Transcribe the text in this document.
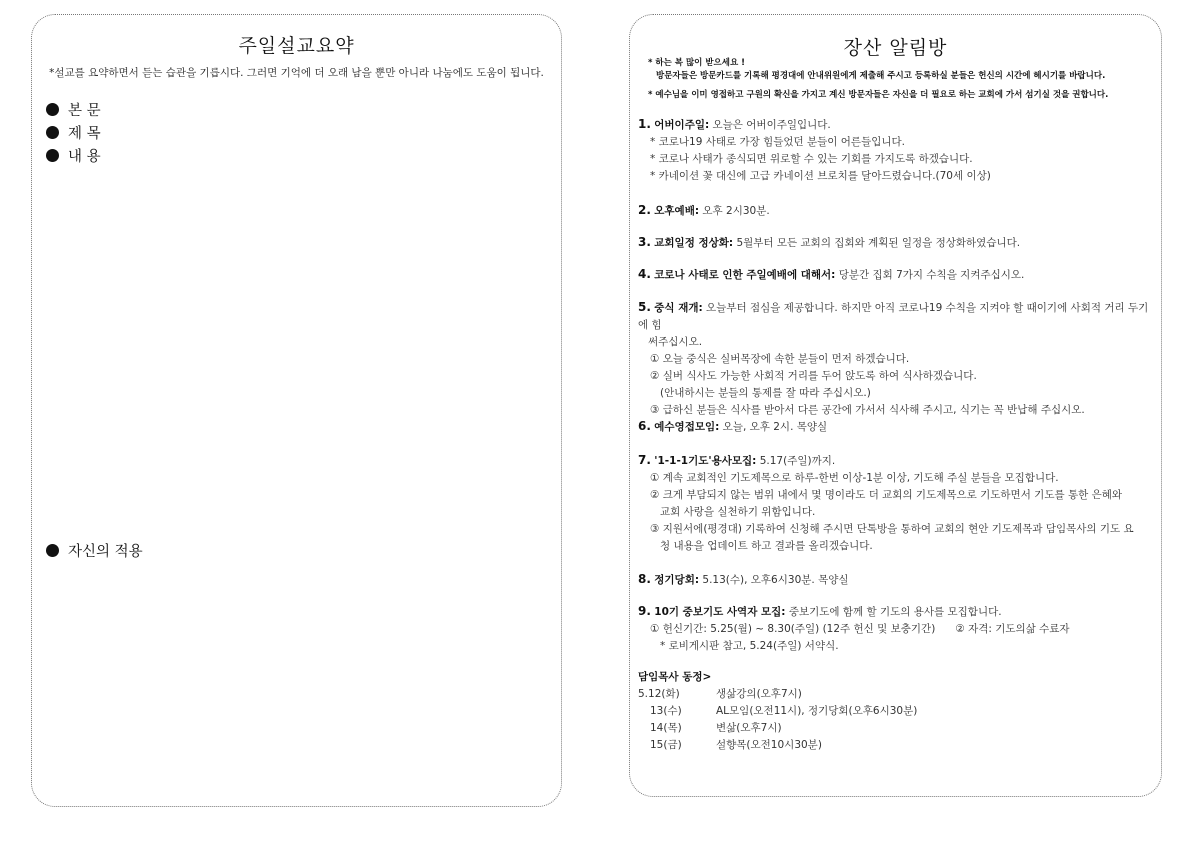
주일설교요약
*설교를 요약하면서 듣는 습관을 기릅시다. 그러면 기억에 더 오래 남을 뿐만 아니라 나눔에도 도움이 됩니다.
본 문
제 목
내 용
자신의 적용
장산 알림방
* 하는 복 많이 받으세요 !
방문자들은 방문카드를 기록해 평경대에 안내위원에게 제출해 주시고 등록하실 분들은 헌신의 시간에 헤시기를 바랍니다.
* 예수님을 이미 영접하고 구원의 확신을 가지고 계신 방문자들은 자신을 더 필요로 하는 교회에 가서 섬기실 것을 권합니다.
1. 어버이주일: 오늘은 어버이주일입니다.
* 코로나19 사태로 가장 힘들었던 분들이 어른들입니다.
* 코로나 사태가 종식되면 위로할 수 있는 기회를 가지도록 하겠습니다.
* 카네이션 꽃 대신에 고급 카네이션 브로치를 달아드렸습니다.(70세 이상)
2. 오후예배: 오후 2시30분.
3. 교회일정 정상화: 5월부터 모든 교회의 집회와 계획된 일정을 정상화하였습니다.
4. 코로나 사태로 인한 주일예배에 대해서: 당분간 집회 7가지 수칙을 지켜주십시오.
5. 중식 재개: 오늘부터 점심을 제공합니다. 하지만 아직 코로나19 수칙을 지켜야 할 때이기에 사회적 거리 두기에 힘
써주십시오.
① 오늘 중식은 실버목장에 속한 분들이 먼저 하겠습니다.
② 실버 식사도 가능한 사회적 거리를 두어 앉도록 하여 식사하겠습니다.
(안내하시는 분들의 통제를 잘 따라 주십시오.)
③ 급하신 분들은 식사를 받아서 다른 공간에 가서서 식사해 주시고, 식기는 꼭 반납해 주십시오.
6. 예수영접모임: 오늘, 오후 2시. 목양실
7. '1-1-1기도'용사모집: 5.17(주일)까지.
① 계속 교회적인 기도제목으로 하루-한번 이상-1분 이상, 기도해 주실 분들을 모집합니다.
② 크게 부담되지 않는 범위 내에서 몇 명이라도 더 교회의 기도제목으로 기도하면서 기도를 통한 은혜와
교회 사랑을 실천하기 위함입니다.
③ 지원서에(평경대) 기록하여 신청해 주시면 단톡방을 통하여 교회의 현안 기도제목과 담임목사의 기도 요
청 내용을 업데이트 하고 결과를 올리겠습니다.
8. 정기당회: 5.13(수), 오후6시30분. 목양실
9. 10기 중보기도 사역자 모집: 중보기도에 함께 할 기도의 용사를 모집합니다.
① 헌신기간: 5.25(월) ~ 8.30(주일) (12주 헌신 및 보충기간)      ② 자격: 기도의삶 수료자
* 로비게시판 참고, 5.24(주일) 서약식.
담임목사 동정>
5.12(화)	생삶강의(오후7시)
13(수)	AL모임(오전11시), 정기당회(오후6시30분)
14(목)	변삶(오후7시)
15(금)	설향목(오전10시30분)
